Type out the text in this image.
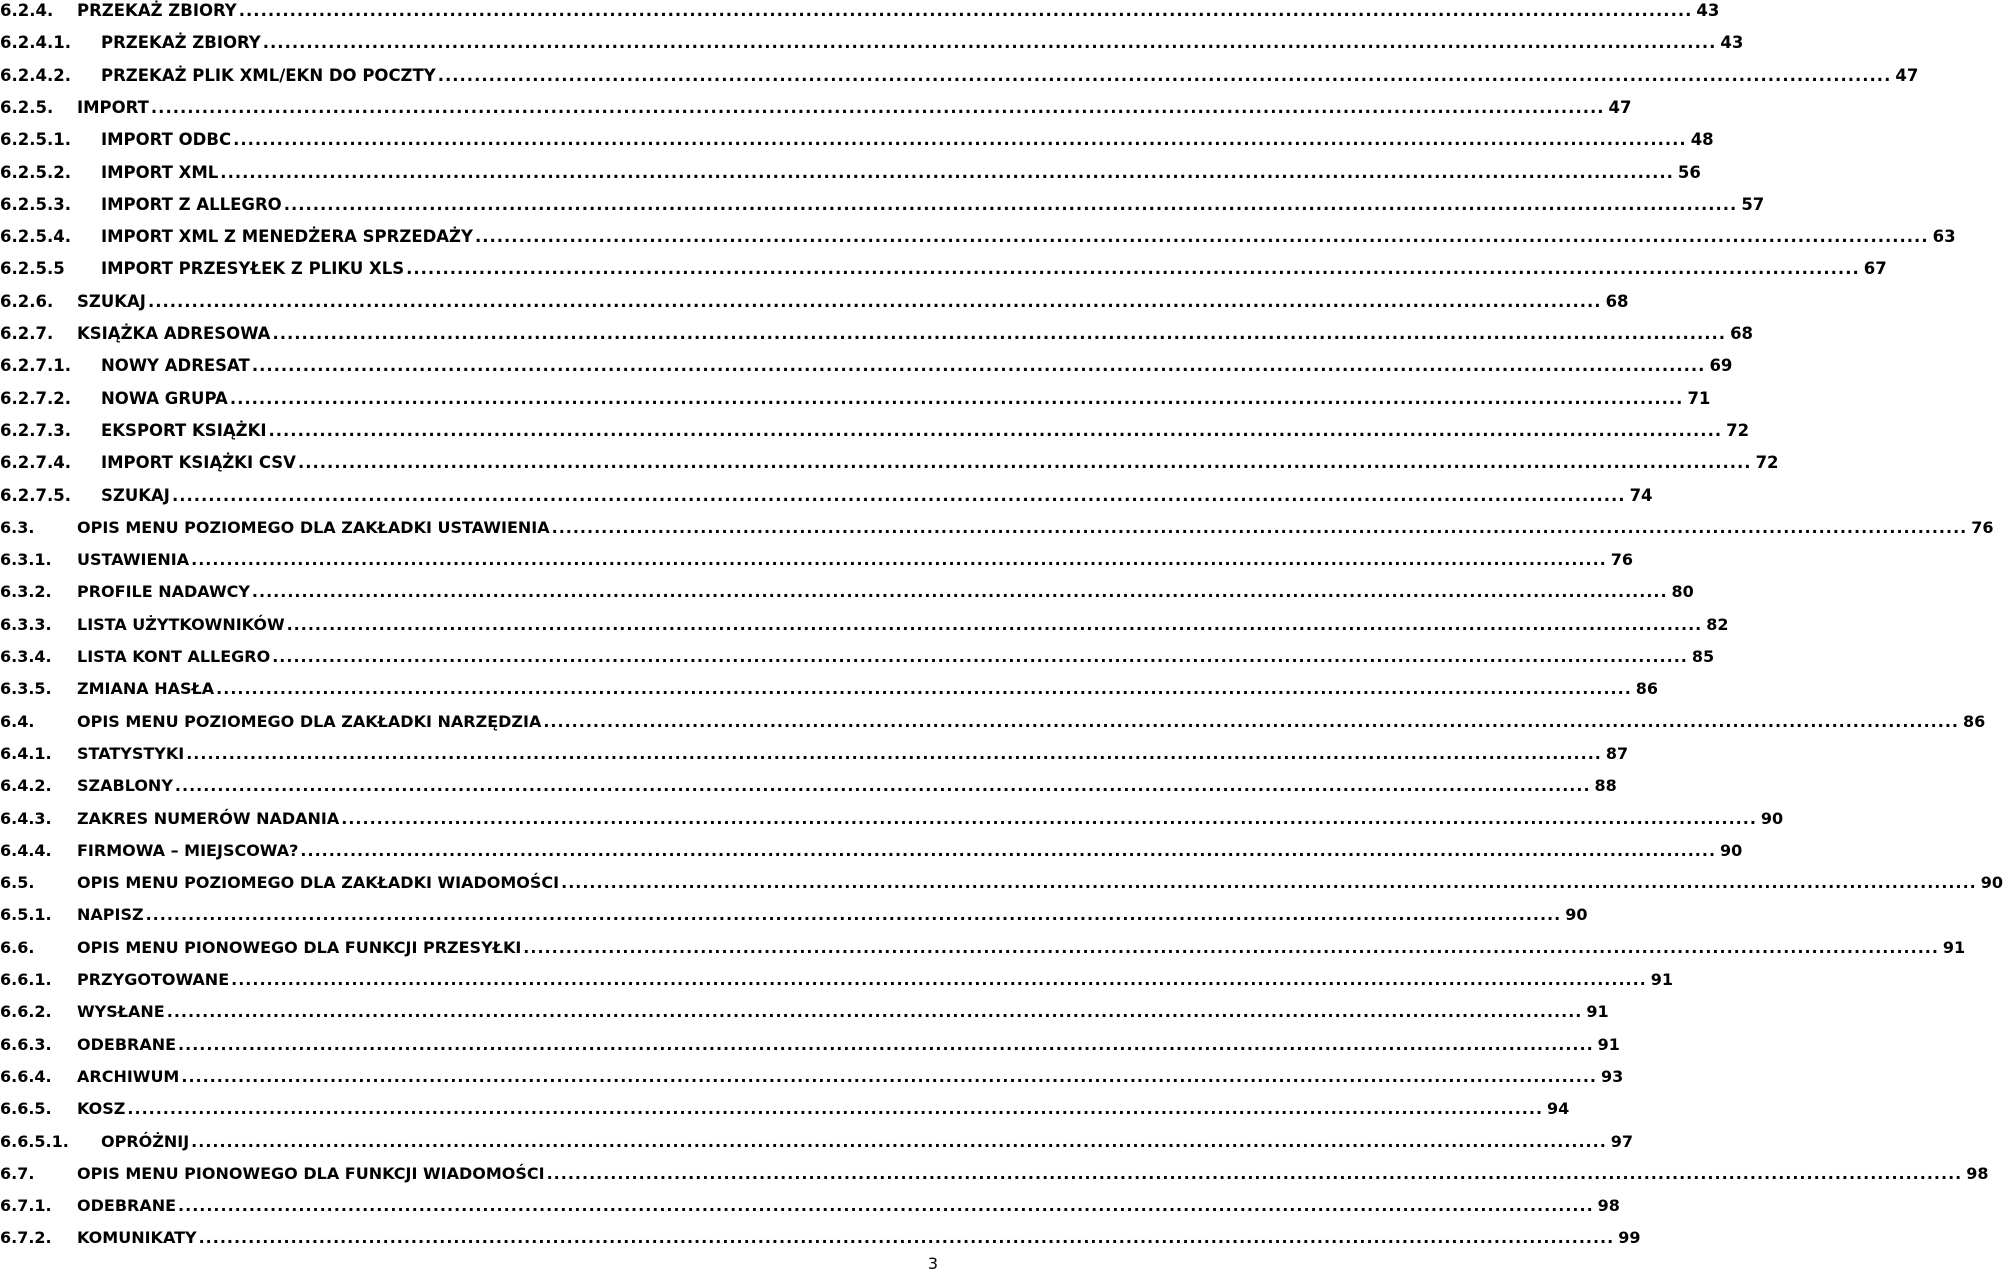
6.2.4. PRZEKAŻ ZBIORY ........................................................................................................................................................................................................ 43
6.2.4.1. PRZEKAŻ ZBIORY ........................................................................................................................................................................................................ 43
6.2.4.2. PRZEKAŻ PLIK XML/EKN DO POCZTY ........................................................................................................................................................................................................ 47
6.2.5. IMPORT ........................................................................................................................................................................................................ 47
6.2.5.1. IMPORT ODBC ........................................................................................................................................................................................................ 48
6.2.5.2. IMPORT XML ........................................................................................................................................................................................................ 56
6.2.5.3. IMPORT Z ALLEGRO ........................................................................................................................................................................................................ 57
6.2.5.4. IMPORT XML Z MENEDŻERA SPRZEDAŻY ........................................................................................................................................................................................................ 63
6.2.5.5 IMPORT PRZESYŁEK Z PLIKU XLS ........................................................................................................................................................................................................ 67
6.2.6. SZUKAJ ........................................................................................................................................................................................................ 68
6.2.7. KSIĄŻKA ADRESOWA ........................................................................................................................................................................................................ 68
6.2.7.1. NOWY ADRESAT ........................................................................................................................................................................................................ 69
6.2.7.2. NOWA GRUPA ........................................................................................................................................................................................................ 71
6.2.7.3. EKSPORT KSIĄŻKI ........................................................................................................................................................................................................ 72
6.2.7.4. IMPORT KSIĄŻKI CSV ........................................................................................................................................................................................................ 72
6.2.7.5. SZUKAJ ........................................................................................................................................................................................................ 74
6.3.	OPIS MENU POZIOMEGO DLA ZAKŁADKI USTAWIENIA ........................................................................................................................................................................................................ 76
6.3.1. USTAWIENIA ........................................................................................................................................................................................................ 76
6.3.2. PROFILE NADAWCY ........................................................................................................................................................................................................ 80
6.3.3. LISTA UŻYTKOWNIKÓW ........................................................................................................................................................................................................ 82
6.3.4. LISTA KONT ALLEGRO ........................................................................................................................................................................................................ 85
6.3.5. ZMIANA HASŁA ........................................................................................................................................................................................................ 86
6.4.	OPIS MENU POZIOMEGO DLA ZAKŁADKI NARZĘDZIA ........................................................................................................................................................................................................ 86
6.4.1. STATYSTYKI ........................................................................................................................................................................................................ 87
6.4.2. SZABLONY ........................................................................................................................................................................................................ 88
6.4.3. ZAKRES NUMERÓW NADANIA ........................................................................................................................................................................................................ 90
6.4.4. FIRMOWA – MIEJSCOWA? ........................................................................................................................................................................................................ 90
6.5.	OPIS MENU POZIOMEGO DLA ZAKŁADKI WIADOMOŚCI ........................................................................................................................................................................................................ 90
6.5.1. NAPISZ ........................................................................................................................................................................................................ 90
6.6.	OPIS MENU PIONOWEGO DLA FUNKCJI PRZESYŁKI ........................................................................................................................................................................................................ 91
6.6.1. PRZYGOTOWANE ........................................................................................................................................................................................................ 91
6.6.2. WYSŁANE ........................................................................................................................................................................................................ 91
6.6.3. ODEBRANE ........................................................................................................................................................................................................ 91
6.6.4. ARCHIWUM ........................................................................................................................................................................................................ 93
6.6.5. KOSZ ........................................................................................................................................................................................................ 94
6.6.5.1. OPRÓŻNIJ ........................................................................................................................................................................................................ 97
6.7.	OPIS MENU PIONOWEGO DLA FUNKCJI WIADOMOŚCI ........................................................................................................................................................................................................ 98
6.7.1. ODEBRANE ........................................................................................................................................................................................................ 98
6.7.2. KOMUNIKATY ........................................................................................................................................................................................................ 99
3
